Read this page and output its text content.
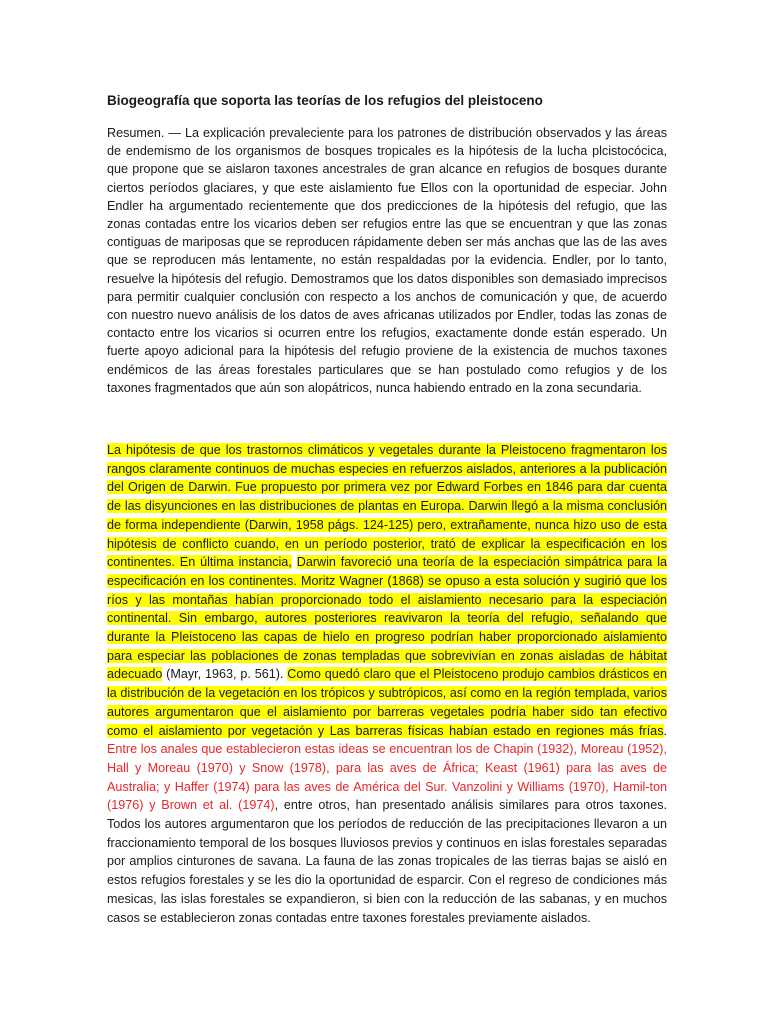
Biogeografía que soporta las teorías de los refugios del pleistoceno

Resumen. — La explicación prevaleciente para los patrones de distribución observados y las áreas de endemismo de los organismos de bosques tropicales es la hipótesis de la lucha plcistocócica, que propone que se aislaron taxones ancestrales de gran alcance en refugios de bosques durante ciertos períodos glaciares, y que este aislamiento fue Ellos con la oportunidad de especiar. John Endler ha argumentado recientemente que dos predicciones de la hipótesis del refugio, que las zonas contadas entre los vicarios deben ser refugios entre las que se encuentran y que las zonas contiguas de mariposas que se reproducen rápidamente deben ser más anchas que las de las aves que se reproducen más lentamente, no están respaldadas por la evidencia. Endler, por lo tanto, resuelve la hipótesis del refugio. Demostramos que los datos disponibles son demasiado imprecisos para permitir cualquier conclusión con respecto a los anchos de comunicación y que, de acuerdo con nuestro nuevo análisis de los datos de aves africanas utilizados por Endler, todas las zonas de contacto entre los vicarios si ocurren entre los refugios, exactamente donde están esperado. Un fuerte apoyo adicional para la hipótesis del refugio proviene de la existencia de muchos taxones endémicos de las áreas forestales particulares que se han postulado como refugios y de los taxones fragmentados que aún son alopátricos, nunca habiendo entrado en la zona secundaria.

La hipótesis de que los trastornos climáticos y vegetales durante la Pleistoceno fragmentaron los rangos claramente continuos de muchas especies en refuerzos aislados, anteriores a la publicación del Origen de Darwin. Fue propuesto por primera vez por Edward Forbes en 1846 para dar cuenta de las disyunciones en las distribuciones de plantas en Europa. Darwin llegó a la misma conclusión de forma independiente (Darwin, 1958 págs. 124-125) pero, extrañamente, nunca hizo uso de esta hipótesis de conflicto cuando, en un período posterior, trató de explicar la especificación en los continentes. En última instancia, Darwin favoreció una teoría de la especiación simpátrica para la especificación en los continentes. Moritz Wagner (1868) se opuso a esta solución y sugirió que los ríos y las montañas habían proporcionado todo el aislamiento necesario para la especiación continental. Sin embargo, autores posteriores reavivaron la teoría del refugio, señalando que durante la Pleistoceno las capas de hielo en progreso podrían haber proporcionado aislamiento para especiar las poblaciones de zonas templadas que sobrevivían en zonas aisladas de hábitat adecuado (Mayr, 1963, p. 561). Como quedó claro que el Pleistoceno produjo cambios drásticos en la distribución de la vegetación en los trópicos y subtrópicos, así como en la región templada, varios autores argumentaron que el aislamiento por barreras vegetales podría haber sido tan efectivo como el aislamiento por vegetación y Las barreras físicas habían estado en regiones más frías. Entre los anales que establecieron estas ideas se encuentran los de Chapin (1932), Moreau (1952), Hall y Moreau (1970) y Snow (1978), para las aves de África; Keast (1961) para las aves de Australia; y Haffer (1974) para las aves de América del Sur. Vanzolini y Williams (1970), Hamil-ton (1976) y Brown et al. (1974), entre otros, han presentado análisis similares para otros taxones. Todos los autores argumentaron que los períodos de reducción de las precipitaciones llevaron a un fraccionamiento temporal de los bosques lluviosos previos y continuos en islas forestales separadas por amplios cinturones de savana. La fauna de las zonas tropicales de las tierras bajas se aisló en estos refugios forestales y se les dio la oportunidad de esparcir. Con el regreso de condiciones más mesicas, las islas forestales se expandieron, si bien con la reducción de las sabanas, y en muchos casos se establecieron zonas contadas entre taxones forestales previamente aislados.
